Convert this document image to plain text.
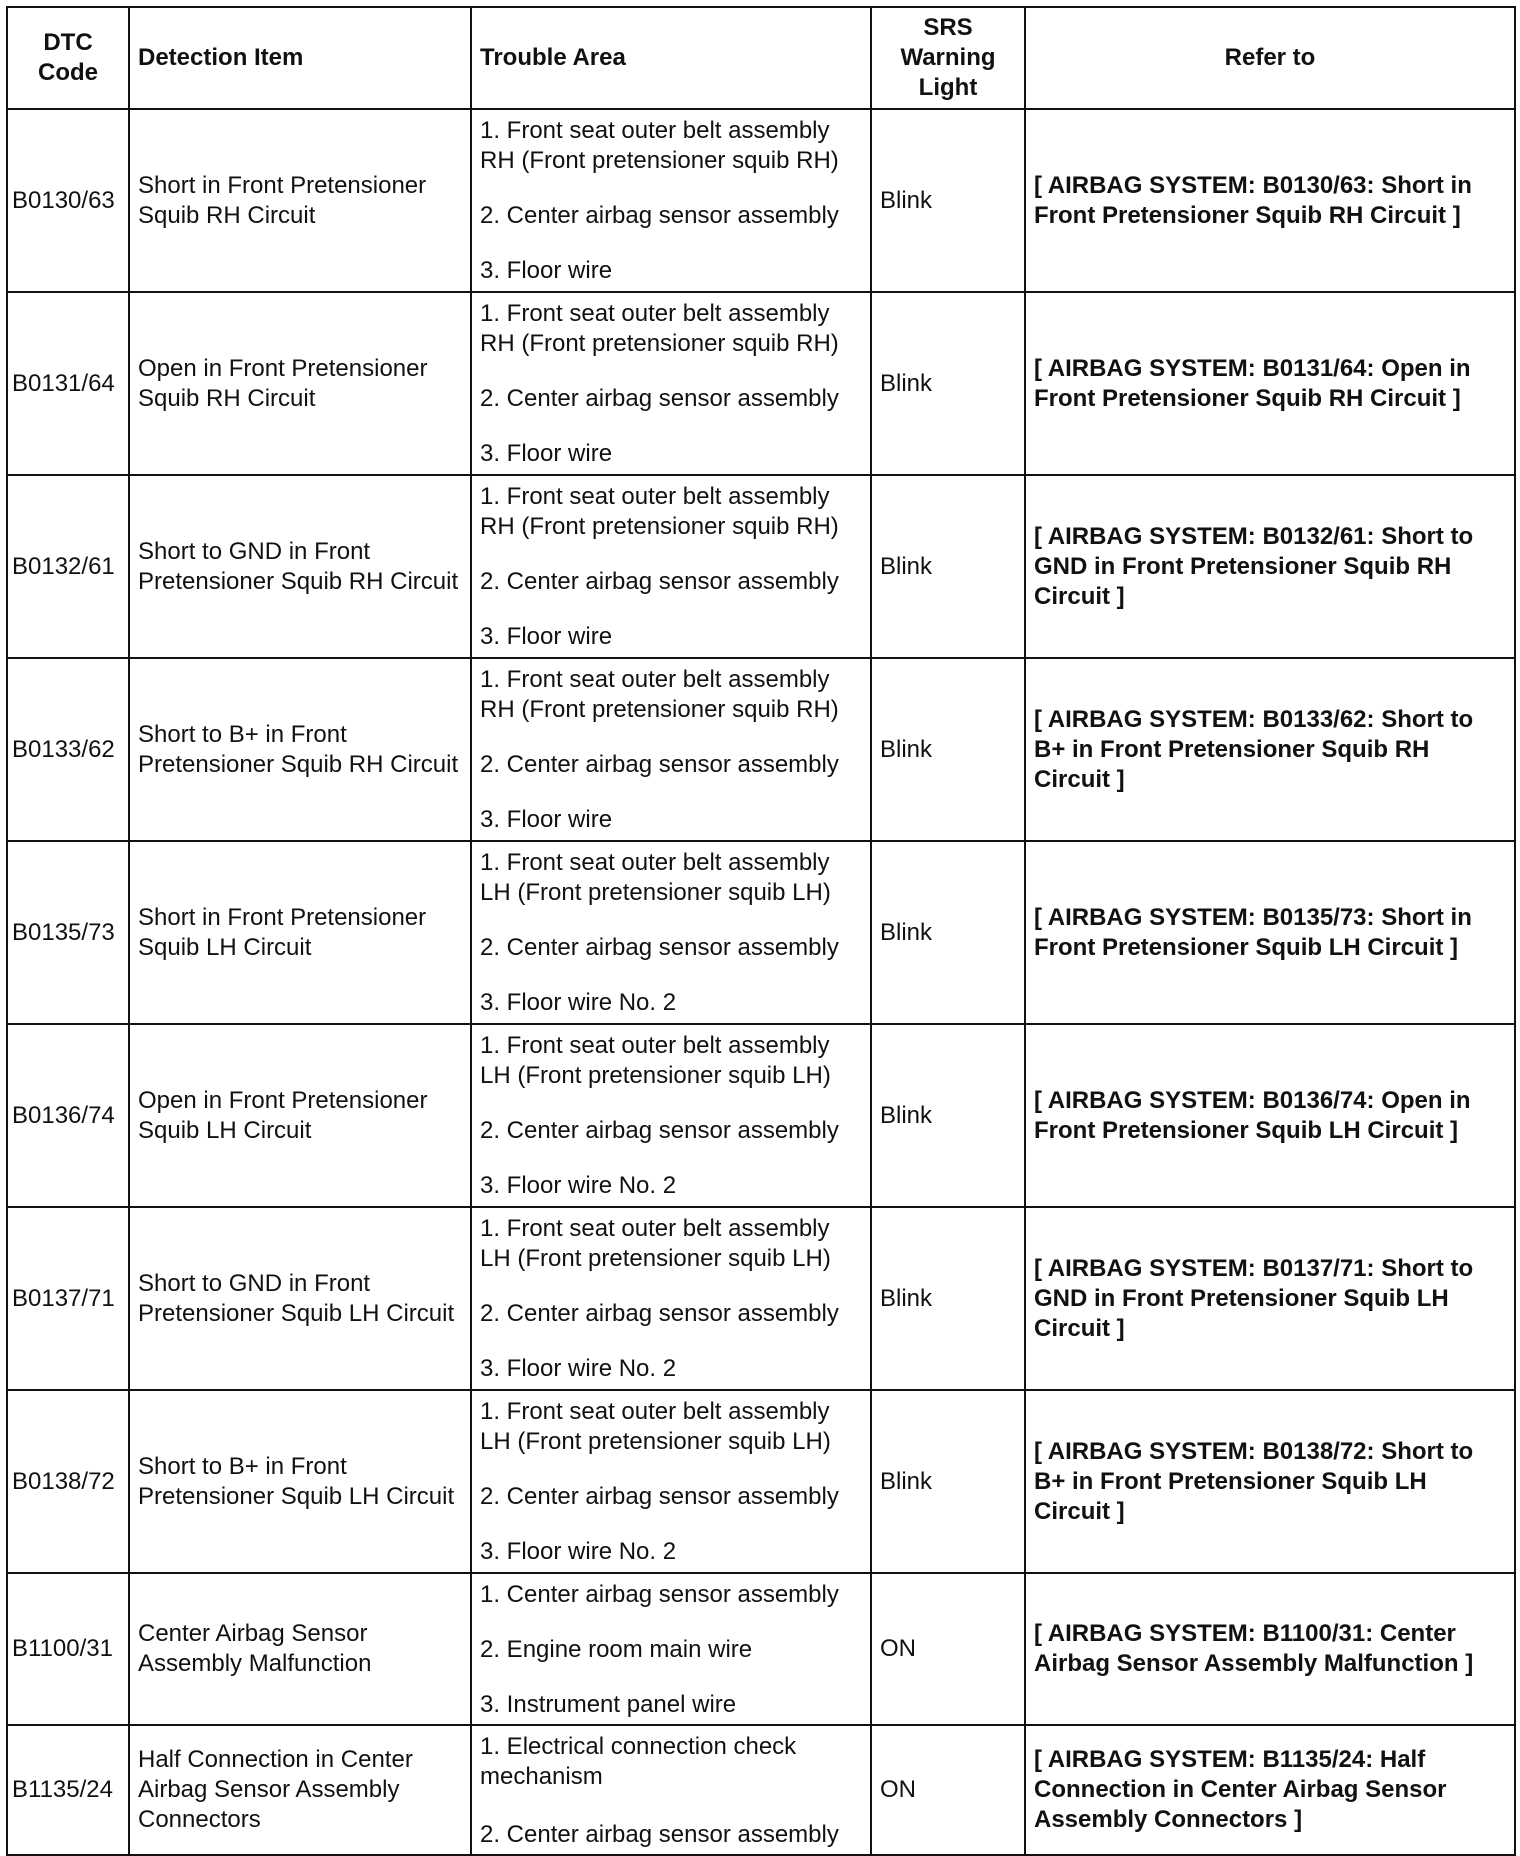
DTC Code	Detection Item	Trouble Area	SRS Warning Light	Refer to
B0130/63	Short in Front Pretensioner Squib RH Circuit	1. Front seat outer belt assembly RH (Front pretensioner squib RH)
2. Center airbag sensor assembly
3. Floor wire	Blink	[ AIRBAG SYSTEM: B0130/63: Short in Front Pretensioner Squib RH Circuit ]
B0131/64	Open in Front Pretensioner Squib RH Circuit	1. Front seat outer belt assembly RH (Front pretensioner squib RH)
2. Center airbag sensor assembly
3. Floor wire	Blink	[ AIRBAG SYSTEM: B0131/64: Open in Front Pretensioner Squib RH Circuit ]
B0132/61	Short to GND in Front Pretensioner Squib RH Circuit	1. Front seat outer belt assembly RH (Front pretensioner squib RH)
2. Center airbag sensor assembly
3. Floor wire	Blink	[ AIRBAG SYSTEM: B0132/61: Short to GND in Front Pretensioner Squib RH Circuit ]
B0133/62	Short to B+ in Front Pretensioner Squib RH Circuit	1. Front seat outer belt assembly RH (Front pretensioner squib RH)
2. Center airbag sensor assembly
3. Floor wire	Blink	[ AIRBAG SYSTEM: B0133/62: Short to B+ in Front Pretensioner Squib RH Circuit ]
B0135/73	Short in Front Pretensioner Squib LH Circuit	1. Front seat outer belt assembly LH (Front pretensioner squib LH)
2. Center airbag sensor assembly
3. Floor wire No. 2	Blink	[ AIRBAG SYSTEM: B0135/73: Short in Front Pretensioner Squib LH Circuit ]
B0136/74	Open in Front Pretensioner Squib LH Circuit	1. Front seat outer belt assembly LH (Front pretensioner squib LH)
2. Center airbag sensor assembly
3. Floor wire No. 2	Blink	[ AIRBAG SYSTEM: B0136/74: Open in Front Pretensioner Squib LH Circuit ]
B0137/71	Short to GND in Front Pretensioner Squib LH Circuit	1. Front seat outer belt assembly LH (Front pretensioner squib LH)
2. Center airbag sensor assembly
3. Floor wire No. 2	Blink	[ AIRBAG SYSTEM: B0137/71: Short to GND in Front Pretensioner Squib LH Circuit ]
B0138/72	Short to B+ in Front Pretensioner Squib LH Circuit	1. Front seat outer belt assembly LH (Front pretensioner squib LH)
2. Center airbag sensor assembly
3. Floor wire No. 2	Blink	[ AIRBAG SYSTEM: B0138/72: Short to B+ in Front Pretensioner Squib LH Circuit ]
B1100/31	Center Airbag Sensor Assembly Malfunction	1. Center airbag sensor assembly
2. Engine room main wire
3. Instrument panel wire	ON	[ AIRBAG SYSTEM: B1100/31: Center Airbag Sensor Assembly Malfunction ]
B1135/24	Half Connection in Center Airbag Sensor Assembly Connectors	1. Electrical connection check mechanism
2. Center airbag sensor assembly	ON	[ AIRBAG SYSTEM: B1135/24: Half Connection in Center Airbag Sensor Assembly Connectors ]
